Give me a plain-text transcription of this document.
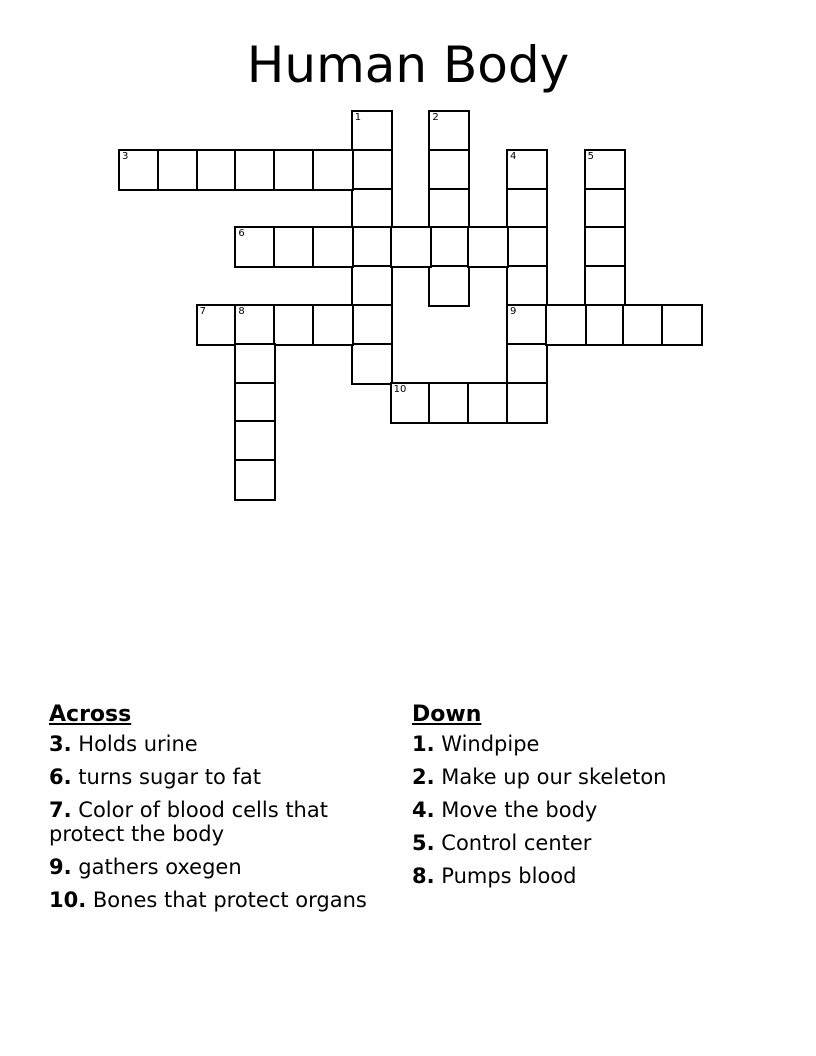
Human Body
1	2
3	4
9
5
6
7	8
10
Across
3. Holds urine
6. turns sugar to fat
7. Color of blood cells that protect the body
9. gathers oxegen
10. Bones that protect organs
Down
1. Windpipe
2. Make up our skeleton
4. Move the body
5. Control center
8. Pumps blood
